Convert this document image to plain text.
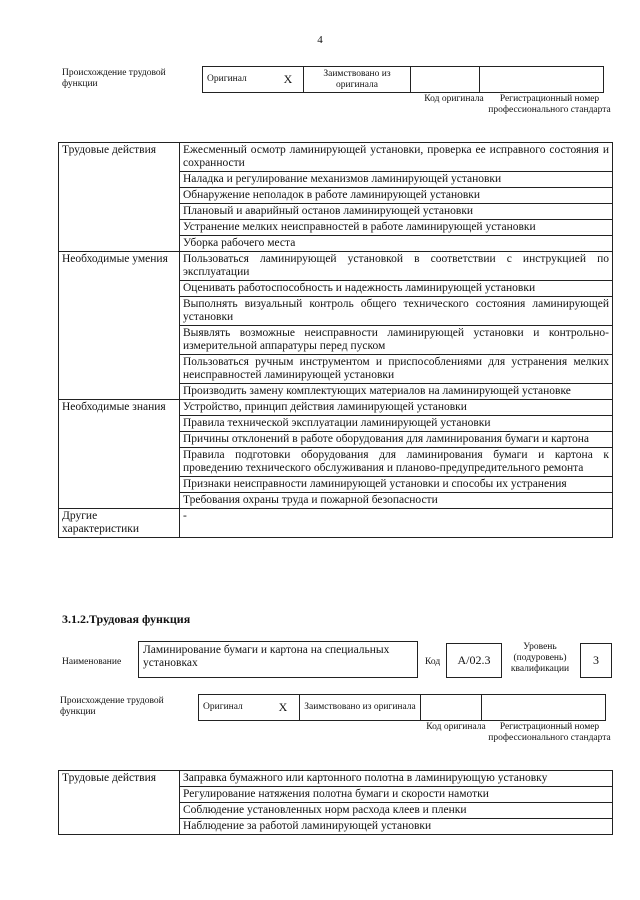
4
Происхождение трудовой функции	Оригинал	X	Заимствовано из оригинала		
Код оригинала	Регистрационный номер профессионального стандарта
Трудовые действия	Ежесменный осмотр ламинирующей установки, проверка ее исправного состояния и сохранности
	Наладка и регулирование механизмов ламинирующей установки
	Обнаружение неполадок в работе ламинирующей установки
	Плановый и аварийный останов ламинирующей установки
	Устранение мелких неисправностей в работе ламинирующей установки
	Уборка рабочего места
Необходимые умения	Пользоваться ламинирующей установкой в соответствии с инструкцией по эксплуатации
	Оценивать работоспособность и надежность ламинирующей установки
	Выполнять визуальный контроль общего технического состояния ламинирующей установки
	Выявлять возможные неисправности ламинирующей установки и контрольно-измерительной аппаратуры перед пуском
	Пользоваться ручным инструментом и приспособлениями для устранения мелких неисправностей ламинирующей установки
	Производить замену комплектующих материалов на ламинирующей установке
Необходимые знания	Устройство, принцип действия ламинирующей установки
	Правила технической эксплуатации ламинирующей установки
	Причины отклонений в работе оборудования для ламинирования бумаги и картона
	Правила подготовки оборудования для ламинирования бумаги и картона к проведению технического обслуживания и планово-предупредительного ремонта
	Признаки неисправности ламинирующей установки и способы их устранения
	Требования охраны труда и пожарной безопасности
Другие характеристики	-
3.1.2.Трудовая функция
Наименование
Ламинирование бумаги и картона на специальных установках	Код	А/02.3
Уровень (подуровень) квалификации
3
Происхождение трудовой функции	Оригинал	X	Заимствовано из оригинала		
Код оригинала	Регистрационный номер профессионального стандарта
Трудовые действия	Заправка бумажного или картонного полотна в ламинирующую установку
	Регулирование натяжения полотна бумаги и скорости намотки
	Соблюдение установленных норм расхода клеев и пленки
	Наблюдение за работой ламинирующей установки
